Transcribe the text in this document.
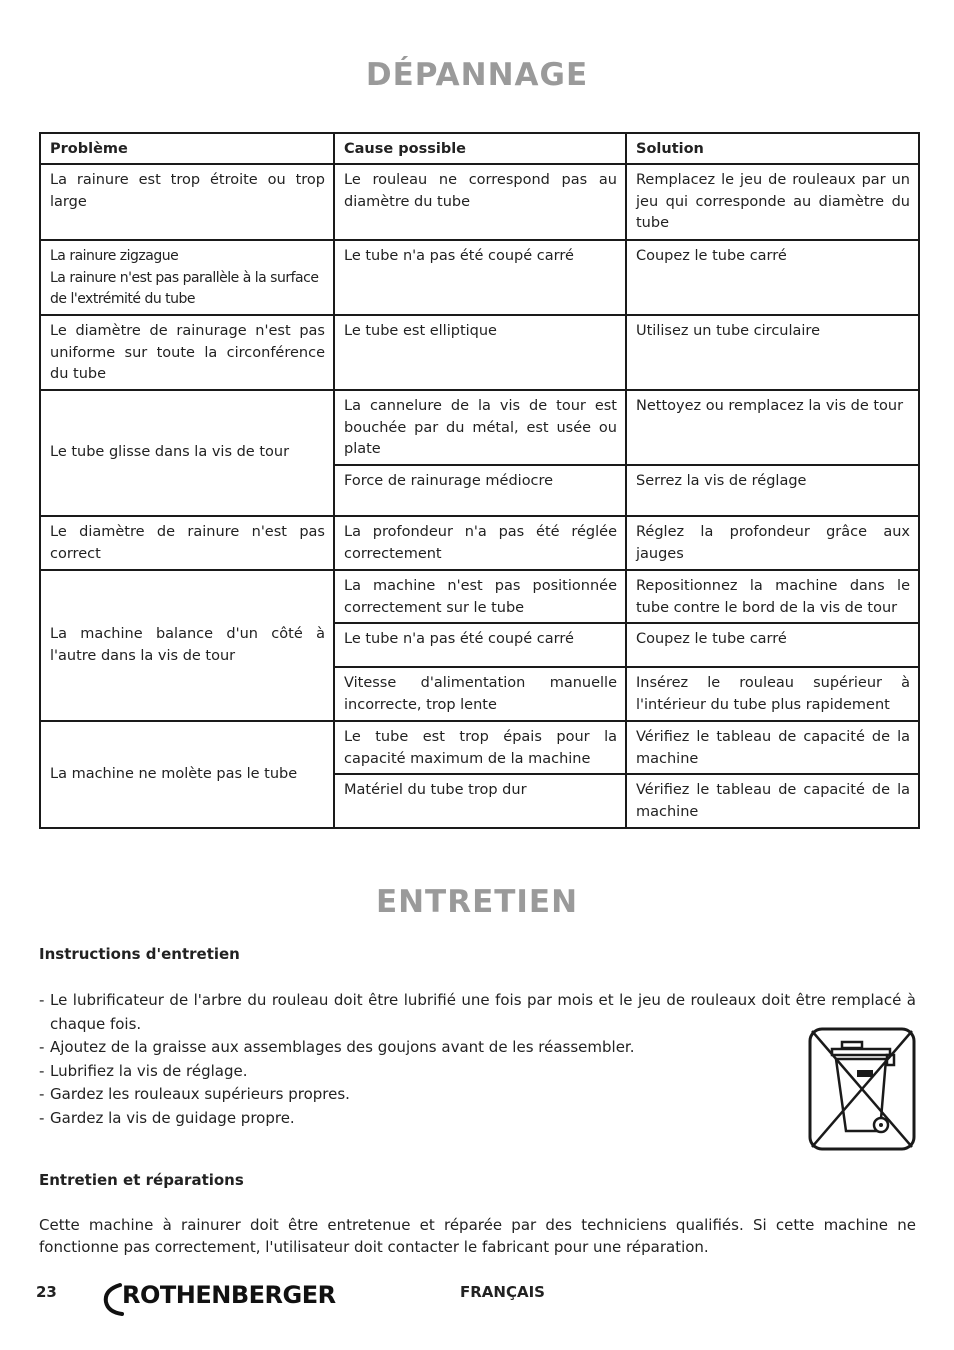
DÉPANNAGE
Problème	Cause possible	Solution
La rainure est trop étroite ou trop large	Le rouleau ne correspond pas au diamètre du tube	Remplacez le jeu de rouleaux par un jeu qui corresponde au diamètre du tube

La rainure zigzague
La rainure n'est pas parallèle à la surface de l'extrémité du tube	Le tube n'a pas été coupé carré	Coupez le tube carré
Le diamètre de rainurage n'est pas uniforme sur toute la circonférence du tube	Le tube est elliptique	Utilisez un tube circulaire
Le tube glisse dans la vis de tour	La cannelure de la vis de tour est bouchée par du métal, est usée ou plate	Nettoyez ou remplacez la vis de tour
	Force de rainurage médiocre	Serrez la vis de réglage
Le diamètre de rainure n'est pas correct	La profondeur n'a pas été réglée correctement	Réglez la profondeur grâce aux jauges
La machine balance d'un côté à l'autre dans la vis de tour	La machine n'est pas positionnée correctement sur le tube	Repositionnez la machine dans le tube contre le bord de la vis de tour
	Le tube n'a pas été coupé carré	Coupez le tube carré
	Vitesse d'alimentation manuelle incorrecte, trop lente	Insérez le rouleau supérieur à l'intérieur du tube plus rapidement
La machine ne molète pas le tube	Le tube est trop épais pour la capacité maximum de la machine	Vérifiez le tableau de capacité de la machine
	Matériel du tube trop dur	Vérifiez le tableau de capacité de la machine
ENTRETIEN
Instructions d'entretien
- Le lubrificateur de l'arbre du rouleau doit être lubrifié une fois par mois et le jeu de rouleaux doit être remplacé à chaque fois.
- Ajoutez de la graisse aux assemblages des goujons avant de les réassembler.
- Lubrifiez la vis de réglage.
- Gardez les rouleaux supérieurs propres.
- Gardez la vis de guidage propre.
Entretien et réparations
Cette machine à rainurer doit être entretenue et réparée par des techniciens qualifiés. Si cette machine ne fonctionne pas correctement, l'utilisateur doit contacter le fabricant pour une réparation.
23	ROTHENBERGER	FRANÇAIS
